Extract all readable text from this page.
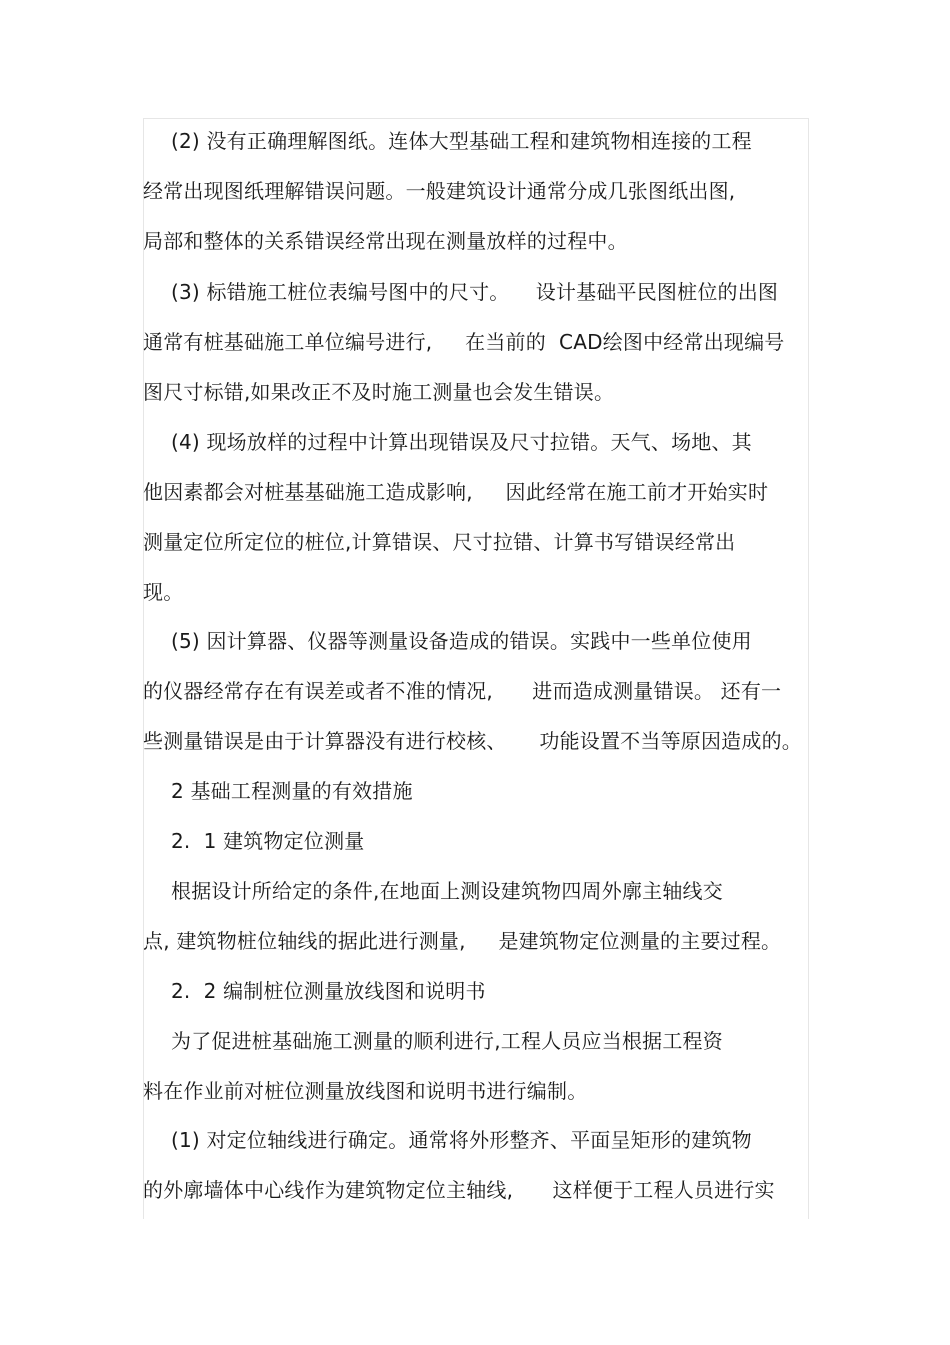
(2) 没有正确理解图纸。连体大型基础工程和建筑物相连接的工程
经常出现图纸理解错误问题。一般建筑设计通常分成几张图纸出图,
局部和整体的关系错误经常出现在测量放样的过程中。
(3) 标错施工桩位表编号图中的尺寸。    设计基础平民图桩位的出图
通常有桩基础施工单位编号进行,     在当前的  CAD绘图中经常出现编号
图尺寸标错,如果改正不及时施工测量也会发生错误。
(4) 现场放样的过程中计算出现错误及尺寸拉错。天气、场地、其
他因素都会对桩基基础施工造成影响,     因此经常在施工前才开始实时
测量定位所定位的桩位,计算错误、尺寸拉错、计算书写错误经常出
现。
(5) 因计算器、仪器等测量设备造成的错误。实践中一些单位使用
的仪器经常存在有误差或者不准的情况,      进而造成测量错误。 还有一
些测量错误是由于计算器没有进行校核、     功能设置不当等原因造成的。
2 基础工程测量的有效措施
2.  1 建筑物定位测量
根据设计所给定的条件,在地面上测设建筑物四周外廓主轴线交
点, 建筑物桩位轴线的据此进行测量,     是建筑物定位测量的主要过程。
2.  2 编制桩位测量放线图和说明书
为了促进桩基础施工测量的顺利进行,工程人员应当根据工程资
料在作业前对桩位测量放线图和说明书进行编制。
(1) 对定位轴线进行确定。通常将外形整齐、平面呈矩形的建筑物
的外廓墙体中心线作为建筑物定位主轴线,      这样便于工程人员进行实
